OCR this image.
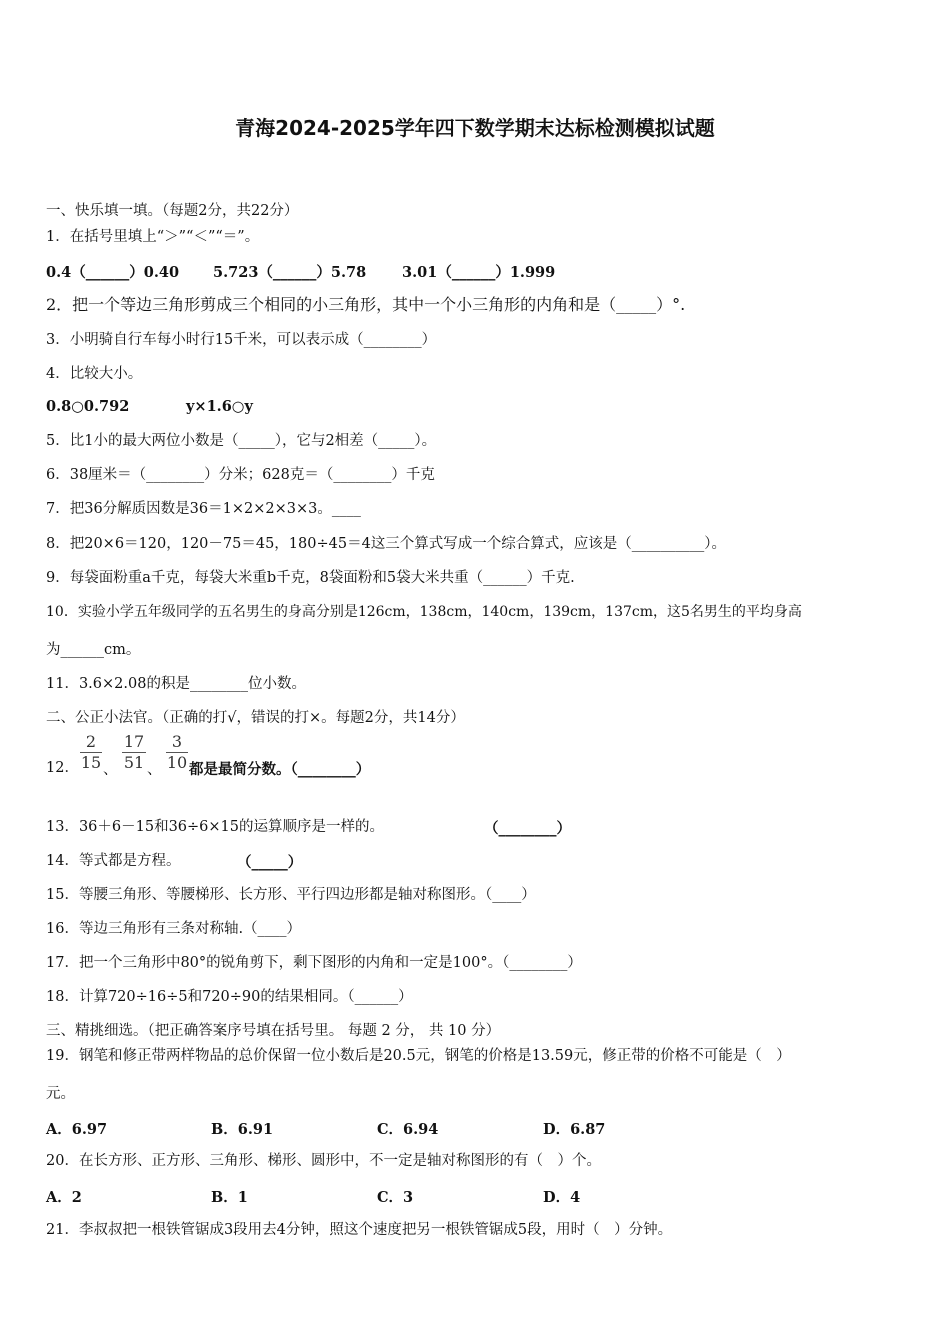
青海2024-2025学年四下数学期末达标检测模拟试题
一、快乐填一填。（每题2分，共22分）
1．在括号里填上“＞”“＜”“＝”。
0.4（______）0.40 5.723（______）5.78 3.01（______）1.999
2．把一个等边三角形剪成三个相同的小三角形，其中一个小三角形的内角和是（_____）°.
3．小明骑自行车每小时行15千米，可以表示成（________）
4．比较大小。
0.8○0.792	y×1.6○y
5．比1小的最大两位小数是（_____），它与2相差（_____）。
6．38厘米＝（________）分米；628克＝（________）千克
7．把36分解质因数是36＝1×2×2×3×3。____
8．把20×6＝120，120－75＝45，180÷45＝4这三个算式写成一个综合算式，应该是（__________）。
9．每袋面粉重a千克，每袋大米重b千克，8袋面粉和5袋大米共重（______）千克.
10．实验小学五年级同学的五名男生的身高分别是126cm，138cm，140cm，139cm，137cm，这5名男生的平均身高
为______cm。
11．3.6×2.08的积是________位小数。
二、公正小法官。（正确的打√，错误的打×。每题2分，共14分）
12．
2
15 、
17
51 、
3
10 都是最简分数。（________）
13．36＋6－15和36÷6×15的运算顺序是一样的。	（________）
14．等式都是方程。	（_____）
15．等腰三角形、等腰梯形、长方形、平行四边形都是轴对称图形。（____）
16．等边三角形有三条对称轴.（____）
17．把一个三角形中80°的锐角剪下，剩下图形的内角和一定是100°。（________）
18．计算720÷16÷5和720÷90的结果相同。（______）
三、精挑细选。（把正确答案序号填在括号里。 每题 2 分， 共 10 分）
19．钢笔和修正带两样物品的总价保留一位小数后是20.5元，钢笔的价格是13.59元，修正带的价格不可能是（　）
元。
A．6.97	B．6.91	C．6.94	D．6.87
20．在长方形、正方形、三角形、梯形、圆形中，不一定是轴对称图形的有（　）个。
A．2	B．1	C．3	D．4
21．李叔叔把一根铁管锯成3段用去4分钟，照这个速度把另一根铁管锯成5段，用时（　）分钟。
